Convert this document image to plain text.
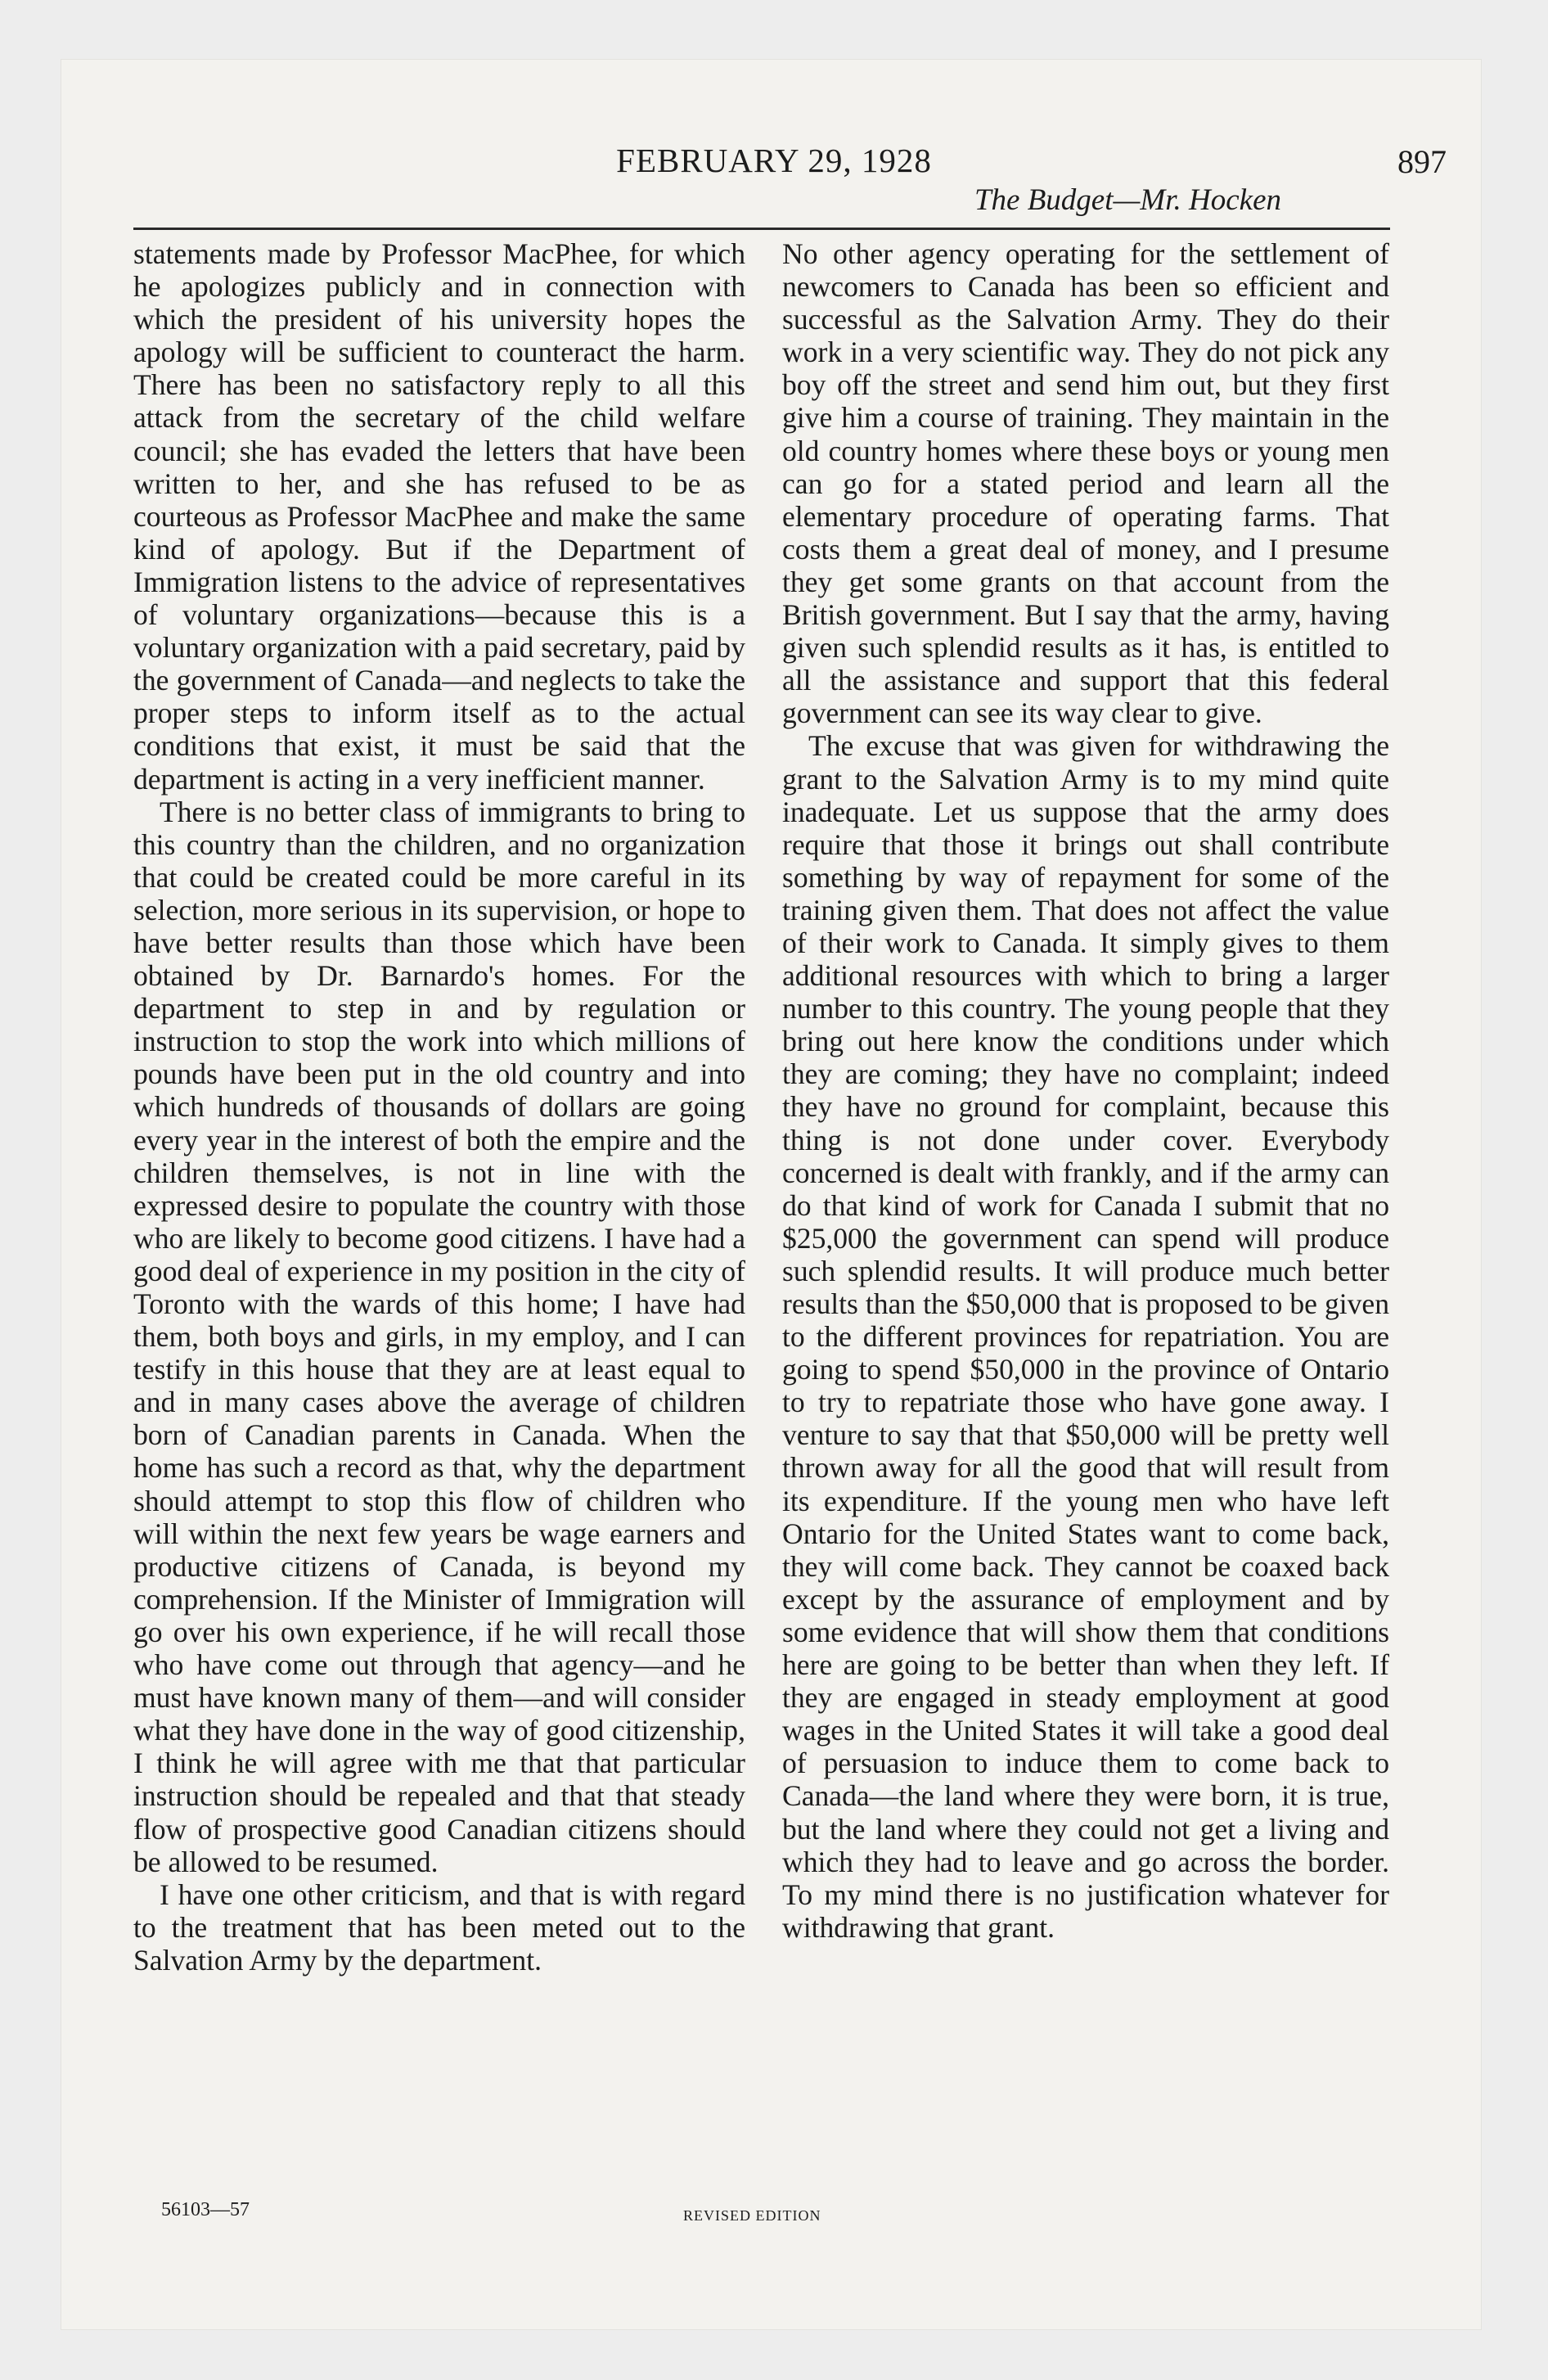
FEBRUARY 29, 1928	897
The Budget—Mr. Hocken

statements made by Professor MacPhee, for which he apologizes publicly and in connection with which the president of his university hopes the apology will be sufficient to counteract the harm. There has been no satisfactory reply to all this attack from the secretary of the child welfare council; she has evaded the letters that have been written to her, and she has refused to be as courteous as Professor MacPhee and make the same kind of apology. But if the Department of Immigration listens to the advice of representatives of voluntary organizations—because this is a voluntary organization with a paid secretary, paid by the government of Canada—and neglects to take the proper steps to inform itself as to the actual conditions that exist, it must be said that the department is acting in a very inefficient manner.

There is no better class of immigrants to bring to this country than the children, and no organization that could be created could be more careful in its selection, more serious in its supervision, or hope to have better results than those which have been obtained by Dr. Barnardo's homes. For the department to step in and by regulation or instruction to stop the work into which millions of pounds have been put in the old country and into which hundreds of thousands of dollars are going every year in the interest of both the empire and the children themselves, is not in line with the expressed desire to populate the country with those who are likely to become good citizens. I have had a good deal of experience in my position in the city of Toronto with the wards of this home; I have had them, both boys and girls, in my employ, and I can testify in this house that they are at least equal to and in many cases above the average of children born of Canadian parents in Canada. When the home has such a record as that, why the department should attempt to stop this flow of children who will within the next few years be wage earners and productive citizens of Canada, is beyond my comprehension. If the Minister of Immigration will go over his own experience, if he will recall those who have come out through that agency—and he must have known many of them—and will consider what they have done in the way of good citizenship, I think he will agree with me that that particular instruction should be repealed and that that steady flow of prospective good Canadian citizens should be allowed to be resumed.

I have one other criticism, and that is with regard to the treatment that has been meted out to the Salvation Army by the department.

No other agency operating for the settlement of newcomers to Canada has been so efficient and successful as the Salvation Army. They do their work in a very scientific way. They do not pick any boy off the street and send him out, but they first give him a course of training. They maintain in the old country homes where these boys or young men can go for a stated period and learn all the elementary procedure of operating farms. That costs them a great deal of money, and I presume they get some grants on that account from the British government. But I say that the army, having given such splendid results as it has, is entitled to all the assistance and support that this federal government can see its way clear to give.

The excuse that was given for withdrawing the grant to the Salvation Army is to my mind quite inadequate. Let us suppose that the army does require that those it brings out shall contribute something by way of repayment for some of the training given them. That does not affect the value of their work to Canada. It simply gives to them additional resources with which to bring a larger number to this country. The young people that they bring out here know the conditions under which they are coming; they have no complaint; indeed they have no ground for complaint, because this thing is not done under cover. Everybody concerned is dealt with frankly, and if the army can do that kind of work for Canada I submit that no $25,000 the government can spend will produce such splendid results. It will produce much better results than the $50,000 that is proposed to be given to the different provinces for repatriation. You are going to spend $50,000 in the province of Ontario to try to repatriate those who have gone away. I venture to say that that $50,000 will be pretty well thrown away for all the good that will result from its expenditure. If the young men who have left Ontario for the United States want to come back, they will come back. They cannot be coaxed back except by the assurance of employment and by some evidence that will show them that conditions here are going to be better than when they left. If they are engaged in steady employment at good wages in the United States it will take a good deal of persuasion to induce them to come back to Canada—the land where they were born, it is true, but the land where they could not get a living and which they had to leave and go across the border. To my mind there is no justification whatever for withdrawing that grant.

56103—57	REVISED EDITION
